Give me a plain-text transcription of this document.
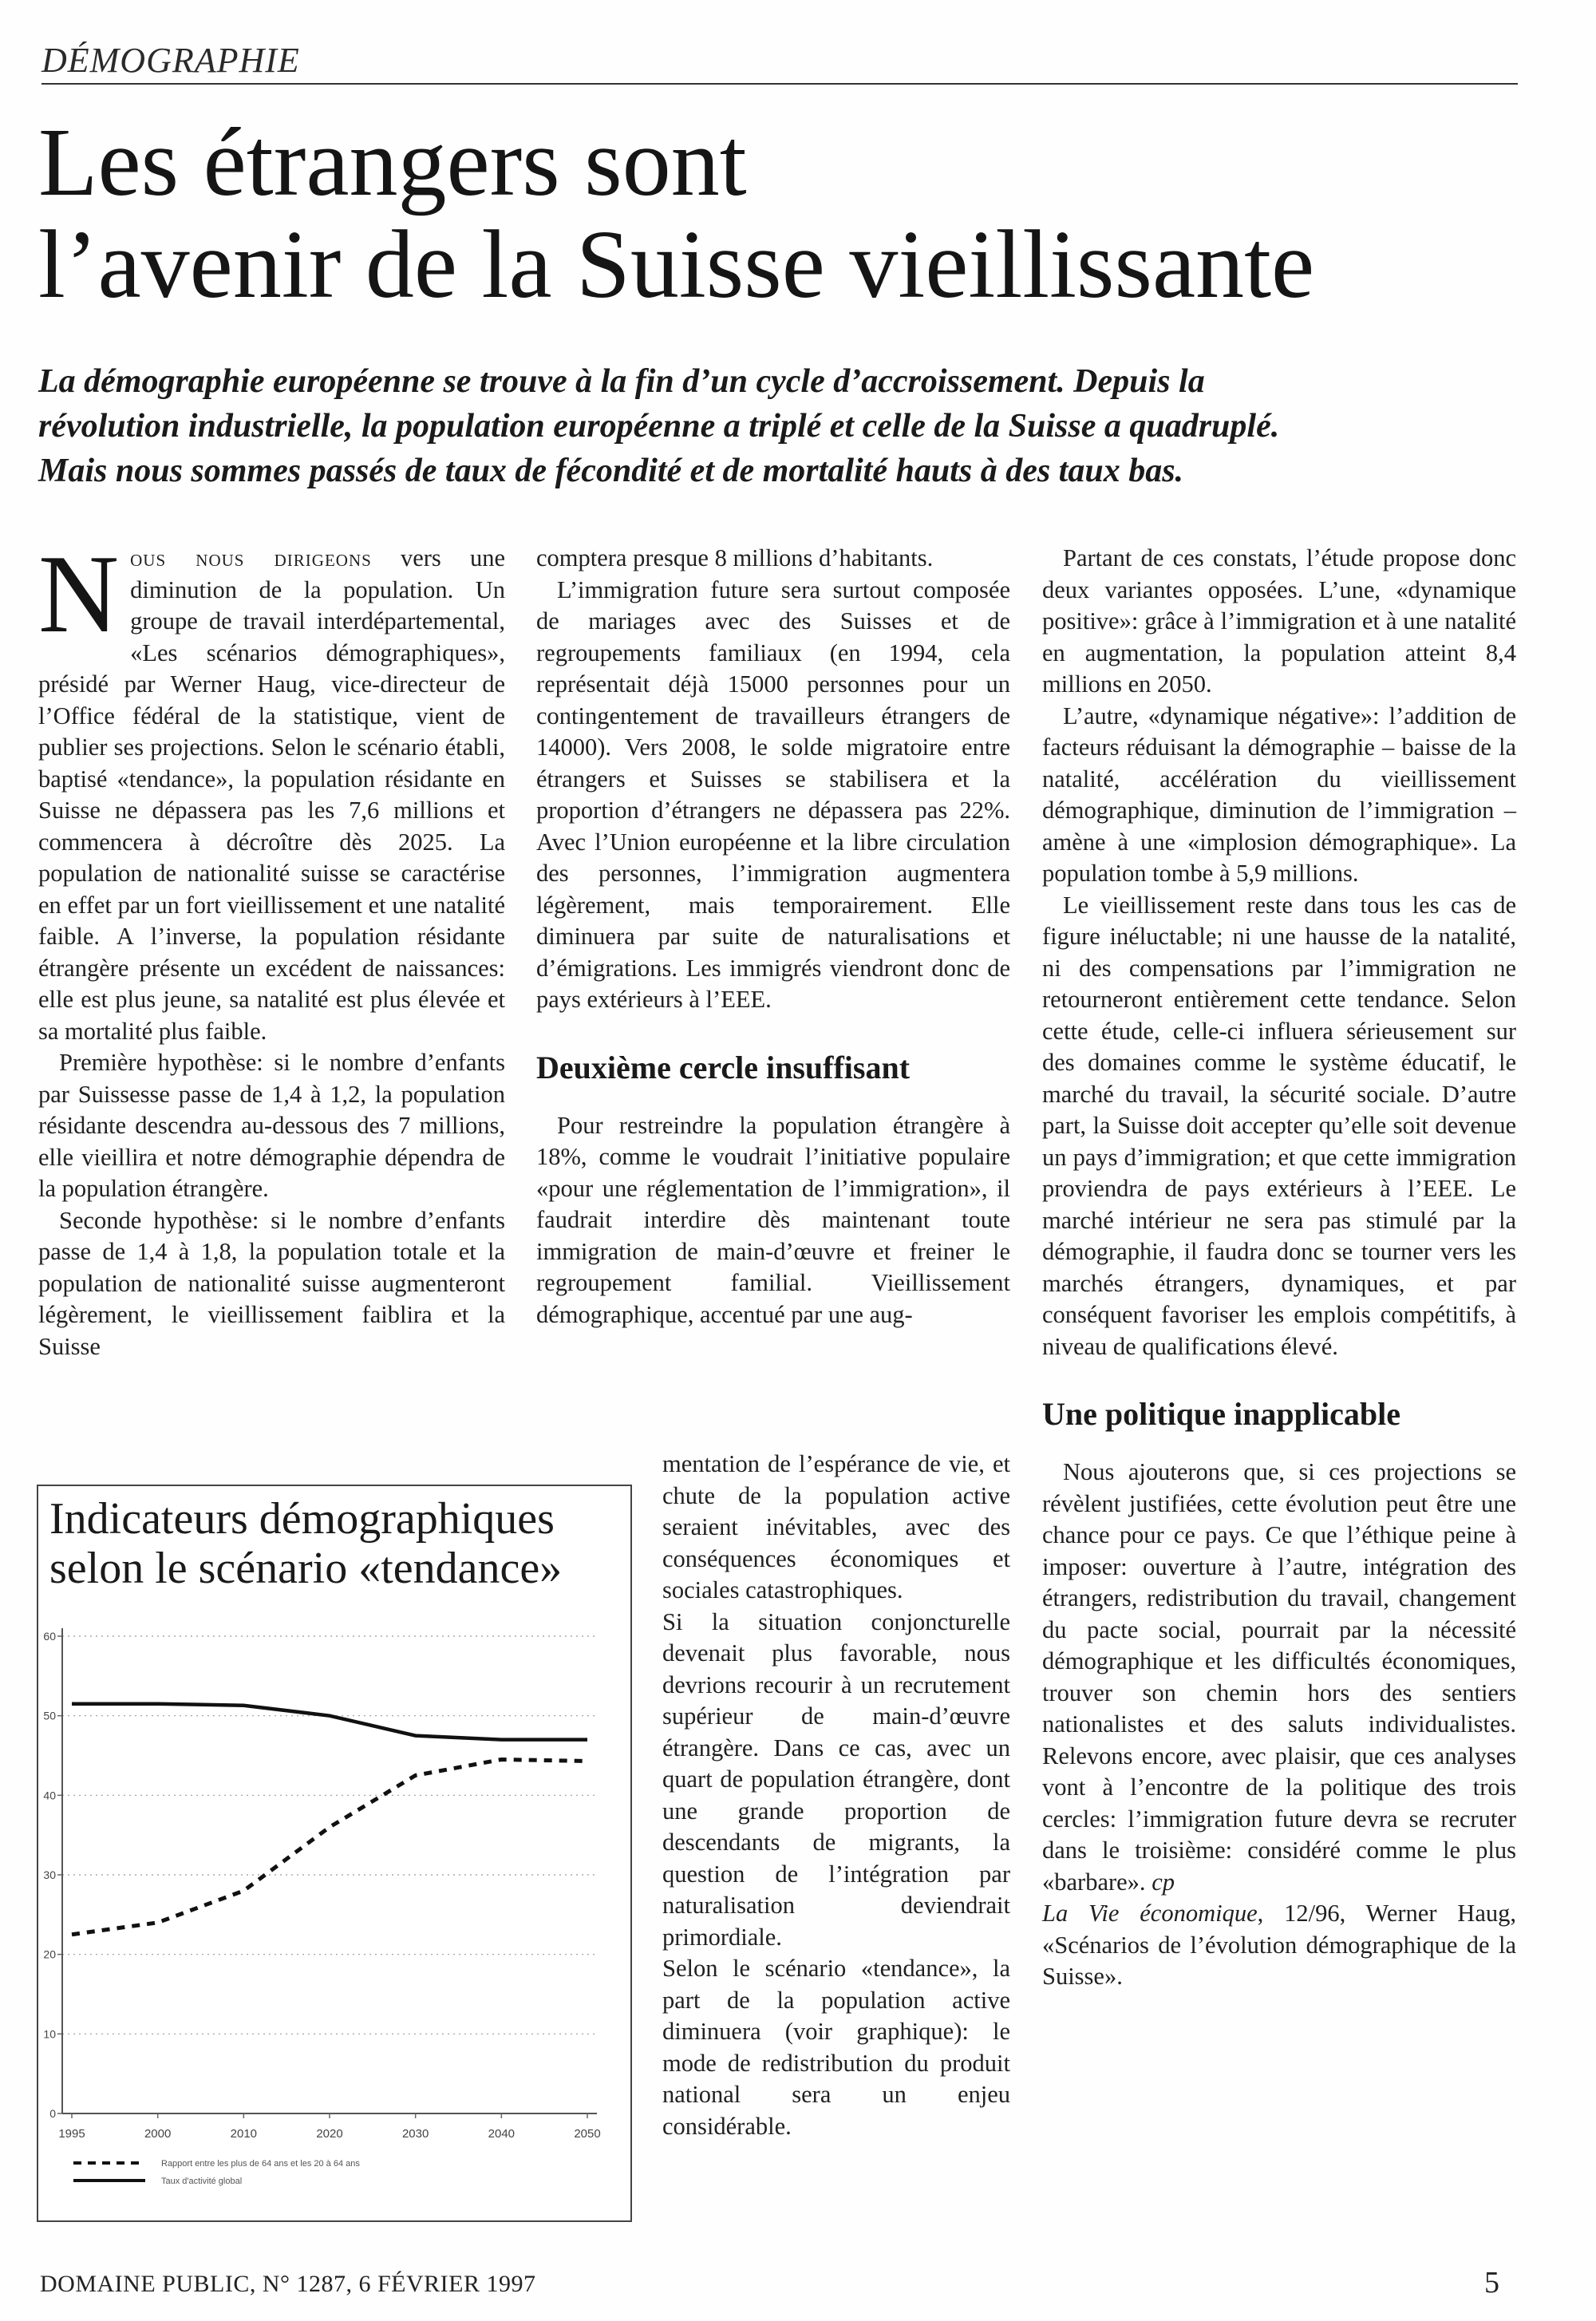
DÉMOGRAPHIE
Les étrangers sont
l’avenir de la Suisse vieillissante
La démographie européenne se trouve à la fin d’un cycle d’accroissement. Depuis la révolution industrielle, la population européenne a triplé et celle de la Suisse a quadruplé. Mais nous sommes passés de taux de fécondité et de mortalité hauts à des taux bas.

Nous nous dirigeons vers une diminution de la population. Un groupe de travail interdépartemental, «Les scénarios démographiques», présidé par Werner Haug, vice-directeur de l’Office fédéral de la statistique, vient de publier ses projections. Selon le scénario établi, baptisé «tendance», la population résidante en Suisse ne dépassera pas les 7,6 millions et commencera à décroître dès 2025. La population de nationalité suisse se caractérise en effet par un fort vieillissement et une natalité faible. A l’inverse, la population résidante étrangère présente un excédent de naissances: elle est plus jeune, sa natalité est plus élevée et sa mortalité plus faible.

Première hypothèse: si le nombre d’enfants par Suissesse passe de 1,4 à 1,2, la population résidante descendra au-dessous des 7 millions, elle vieillira et notre démographie dépendra de la population étrangère.

Seconde hypothèse: si le nombre d’enfants passe de 1,4 à 1,8, la population totale et la population de nationalité suisse augmenteront légèrement, le vieillissement faiblira et la Suisse

comptera presque 8 millions d’habitants.

L’immigration future sera surtout composée de mariages avec des Suisses et de regroupements familiaux (en 1994, cela représentait déjà 15000 personnes pour un contingentement de travailleurs étrangers de 14000). Vers 2008, le solde migratoire entre étrangers et Suisses se stabilisera et la proportion d’étrangers ne dépassera pas 22%. Avec l’Union européenne et la libre circulation des personnes, l’immigration augmentera légèrement, mais temporairement. Elle diminuera par suite de naturalisations et d’émigrations. Les immigrés viendront donc de pays extérieurs à l’EEE.

Deuxième cercle insuffisant

Pour restreindre la population étrangère à 18%, comme le voudrait l’initiative populaire «pour une réglementation de l’immigration», il faudrait interdire dès maintenant toute immigration de main-d’œuvre et freiner le regroupement familial. Vieillissement démographique, accentué par une aug-

mentation de l’espérance de vie, et chute de la population active seraient inévitables, avec des conséquences économiques et sociales catastrophiques.

Si la situation conjoncturelle devenait plus favorable, nous devrions recourir à un recrutement supérieur de main-d’œuvre étrangère. Dans ce cas, avec un quart de population étrangère, dont une grande proportion de descendants de migrants, la question de l’intégration par naturalisation deviendrait primordiale.

Selon le scénario «tendance», la part de la population active diminuera (voir graphique): le mode de redistribution du produit national sera un enjeu considérable.

Partant de ces constats, l’étude propose donc deux variantes opposées. L’une, «dynamique positive»: grâce à l’immigration et à une natalité en augmentation, la population atteint 8,4 millions en 2050.

L’autre, «dynamique négative»: l’addition de facteurs réduisant la démographie – baisse de la natalité, accélération du vieillissement démographique, diminution de l’immigration – amène à une «implosion démographique». La population tombe à 5,9 millions.

Le vieillissement reste dans tous les cas de figure inéluctable; ni une hausse de la natalité, ni des compensations par l’immigration ne retourneront entièrement cette tendance. Selon cette étude, celle-ci influera sérieusement sur des domaines comme le système éducatif, le marché du travail, la sécurité sociale. D’autre part, la Suisse doit accepter qu’elle soit devenue un pays d’immigration; et que cette immigration proviendra de pays extérieurs à l’EEE. Le marché intérieur ne sera pas stimulé par la démographie, il faudra donc se tourner vers les marchés étrangers, dynamiques, et par conséquent favoriser les emplois compétitifs, à niveau de qualifications élevé.

Une politique inapplicable

Nous ajouterons que, si ces projections se révèlent justifiées, cette évolution peut être une chance pour ce pays. Ce que l’éthique peine à imposer: ouverture à l’autre, intégration des étrangers, redistribution du travail, changement du pacte social, pourrait par la nécessité démographique et les difficultés économiques, trouver son chemin hors des sentiers nationalistes et des saluts individualistes. Relevons encore, avec plaisir, que ces analyses vont à l’encontre de la politique des trois cercles: l’immigration future devra se recruter dans le troisième: considéré comme le plus «barbare». cp
La Vie économique, 12/96, Werner Haug, «Scénarios de l’évolution démographique de la Suisse».

Indicateurs démographiques selon le scénario «tendance»
0
10
20
30
40
50
60
1995	2000	2010	2020	2030	2040	2050
Rapport entre les plus de 64 ans et les 20 à 64 ans
Taux d'activité global
DOMAINE PUBLIC, N° 1287, 6 FÉVRIER 1997	5
